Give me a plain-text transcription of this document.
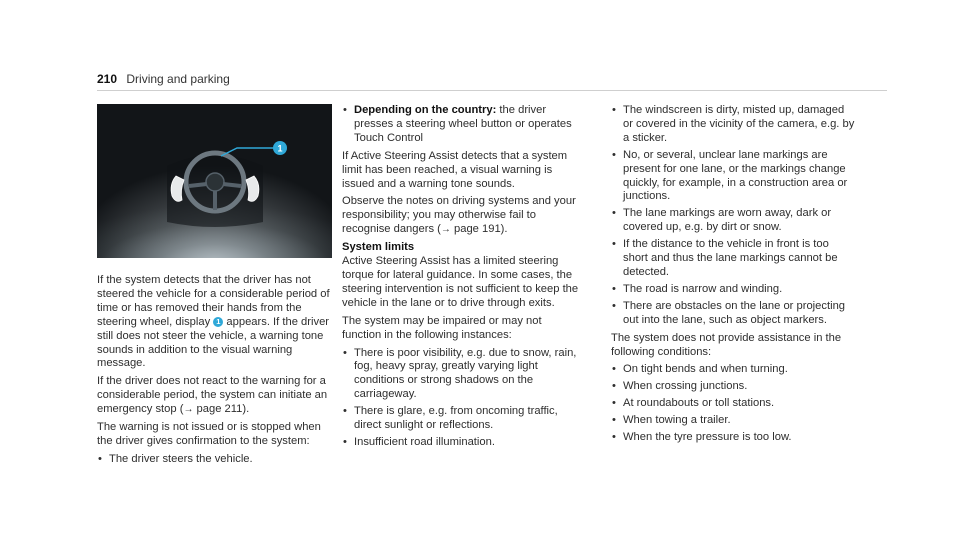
210 Driving and parking
1

If the system detects that the driver has not steered the vehicle for a considerable period of time or has removed their hands from the steering wheel, display 1 appears. If the driver still does not steer the vehicle, a warning tone sounds in addition to the visual warning message.

If the driver does not react to the warning for a considerable period, the system can initiate an emergency stop (→ page 211).

The warning is not issued or is stopped when the driver gives confirmation to the system:

• The driver steers the vehicle.
• Depending on the country: the driver presses a steering wheel button or operates Touch Control

If Active Steering Assist detects that a system limit has been reached, a visual warning is issued and a warning tone sounds.

Observe the notes on driving systems and your responsibility; you may otherwise fail to recognise dangers (→ page 191).

System limits
Active Steering Assist has a limited steering torque for lateral guidance. In some cases, the steering intervention is not sufficient to keep the vehicle in the lane or to drive through exits.

The system may be impaired or may not function in the following instances:

• There is poor visibility, e.g. due to snow, rain, fog, heavy spray, greatly varying light conditions or strong shadows on the carriageway.
• There is glare, e.g. from oncoming traffic, direct sunlight or reflections.
• Insufficient road illumination.
• The windscreen is dirty, misted up, damaged or covered in the vicinity of the camera, e.g. by a sticker.
• No, or several, unclear lane markings are present for one lane, or the markings change quickly, for example, in a construction area or junctions.
• The lane markings are worn away, dark or covered up, e.g. by dirt or snow.
• If the distance to the vehicle in front is too short and thus the lane markings cannot be detected.
• The road is narrow and winding.
• There are obstacles on the lane or projecting out into the lane, such as object markers.

The system does not provide assistance in the following conditions:

• On tight bends and when turning.
• When crossing junctions.
• At roundabouts or toll stations.
• When towing a trailer.
• When the tyre pressure is too low.
